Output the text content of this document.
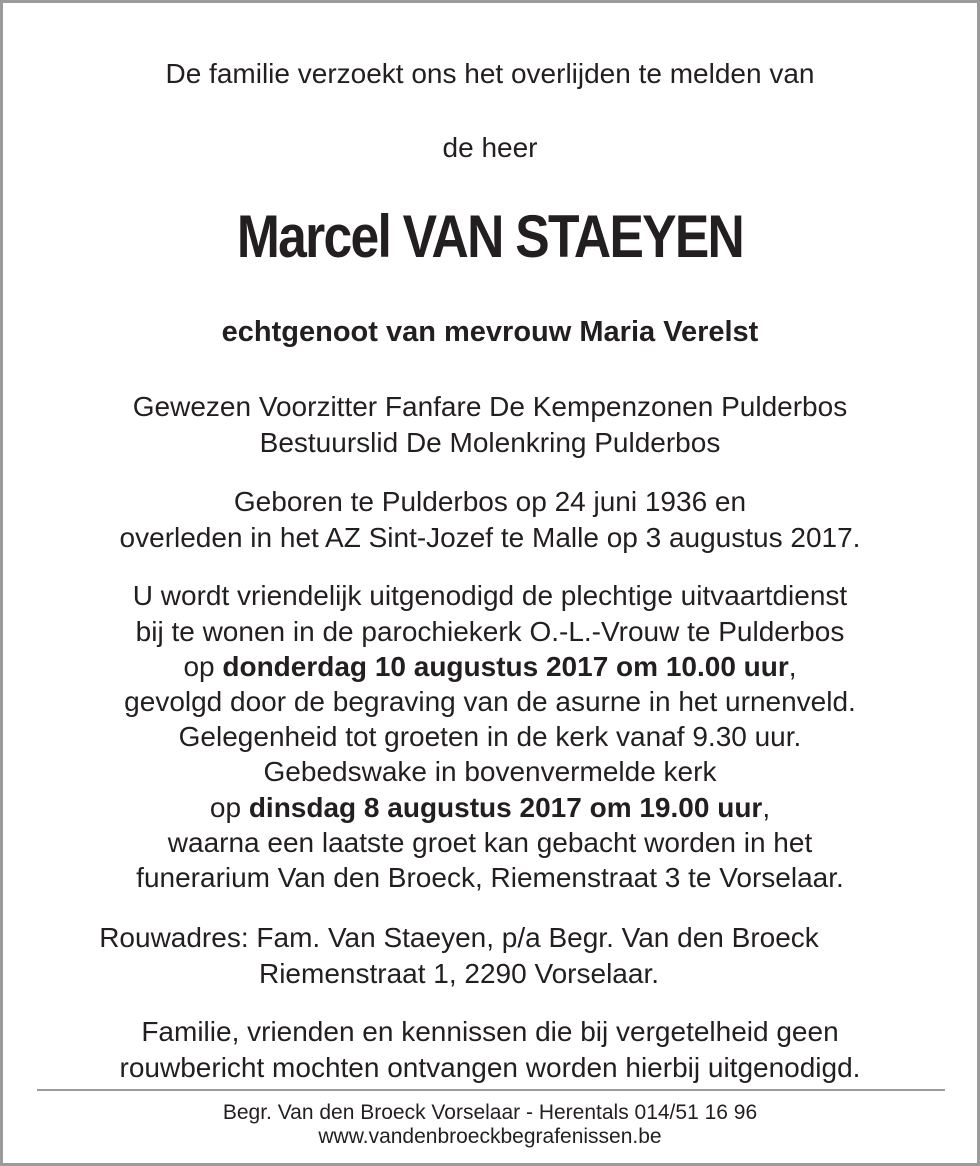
De familie verzoekt ons het overlijden te melden van
de heer
Marcel VAN STAEYEN
echtgenoot van mevrouw Maria Verelst
Gewezen Voorzitter Fanfare De Kempenzonen Pulderbos
Bestuurslid De Molenkring Pulderbos
Geboren te Pulderbos op 24 juni 1936 en
overleden in het AZ Sint-Jozef te Malle op 3 augustus 2017.
U wordt vriendelijk uitgenodigd de plechtige uitvaartdienst
bij te wonen in de parochiekerk O.-L.-Vrouw te Pulderbos
op donderdag 10 augustus 2017 om 10.00 uur,
gevolgd door de begraving van de asurne in het urnenveld.
Gelegenheid tot groeten in de kerk vanaf 9.30 uur.
Gebedswake in bovenvermelde kerk
op dinsdag 8 augustus 2017 om 19.00 uur,
waarna een laatste groet kan gebacht worden in het
funerarium Van den Broeck, Riemenstraat 3 te Vorselaar.
Rouwadres: Fam. Van Staeyen, p/a Begr. Van den Broeck
Riemenstraat 1, 2290 Vorselaar.
Familie, vrienden en kennissen die bij vergetelheid geen
rouwbericht mochten ontvangen worden hierbij uitgenodigd.
Begr. Van den Broeck Vorselaar - Herentals 014/51 16 96
www.vandenbroeckbegrafenissen.be
